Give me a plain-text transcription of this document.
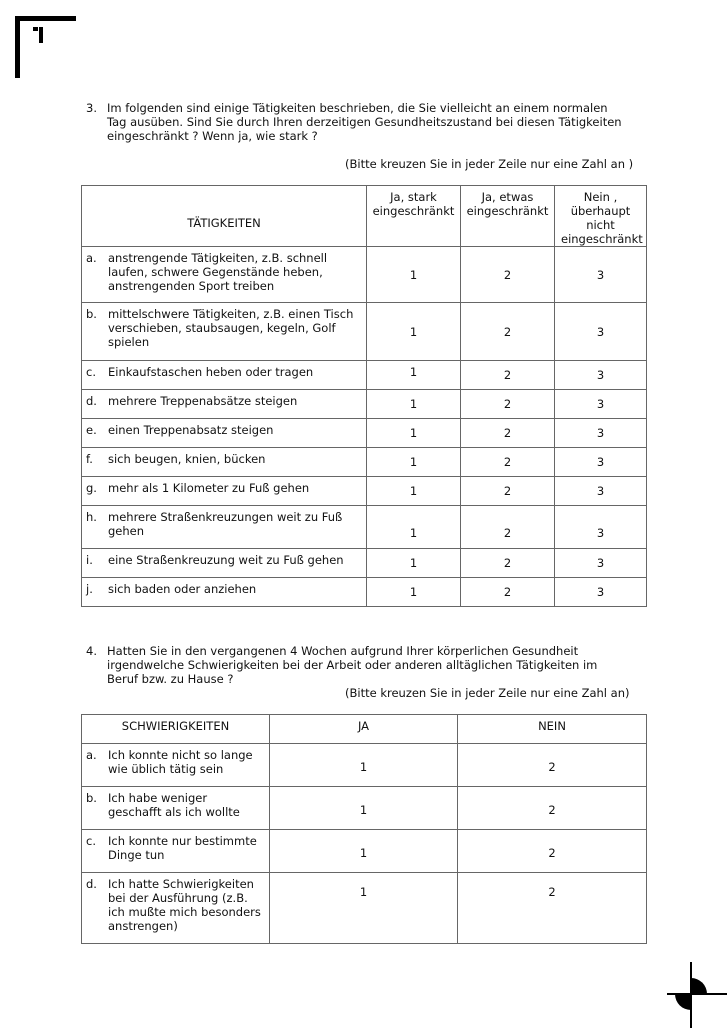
3. Im folgenden sind einige Tätigkeiten beschrieben, die Sie vielleicht an einem normalen Tag ausüben. Sind Sie durch Ihren derzeitigen Gesundheitszustand bei diesen Tätigkeiten eingeschränkt ? Wenn ja, wie stark ?
(Bitte kreuzen Sie in jeder Zeile nur eine Zahl an )
TÄTIGKEITEN	Ja, stark eingeschränkt	Ja, etwas eingeschränkt	Nein , überhaupt nicht eingeschränkt

a. anstrengende Tätigkeiten, z.B. schnell laufen, schwere Gegenstände heben, anstrengenden Sport treiben	1	2	3

b. mittelschwere Tätigkeiten, z.B. einen Tisch verschieben, staubsaugen, kegeln, Golf spielen	1	2	3

c. Einkaufstaschen heben oder tragen	1	2	3

d. mehrere Treppenabsätze steigen	1	2	3

e. einen Treppenabsatz steigen	1	2	3

f. sich beugen, knien, bücken	1	2	3

g. mehr als 1 Kilometer zu Fuß gehen	1	2	3

h. mehrere Straßenkreuzungen weit zu Fuß gehen	1	2	3

i. eine Straßenkreuzung weit zu Fuß gehen	1	2	3

j. sich baden oder anziehen	1	2	3
4. Hatten Sie in den vergangenen 4 Wochen aufgrund Ihrer körperlichen Gesundheit irgendwelche Schwierigkeiten bei der Arbeit oder anderen alltäglichen Tätigkeiten im Beruf bzw. zu Hause ?
(Bitte kreuzen Sie in jeder Zeile nur eine Zahl an)
SCHWIERIGKEITEN	JA	NEIN

a. Ich konnte nicht so lange wie üblich tätig sein	1	2

b. Ich habe weniger geschafft als ich wollte	1	2

c. Ich konnte nur bestimmte Dinge tun	1	2

d. Ich hatte Schwierigkeiten bei der Ausführung (z.B. ich mußte mich besonders anstrengen)	1	2
